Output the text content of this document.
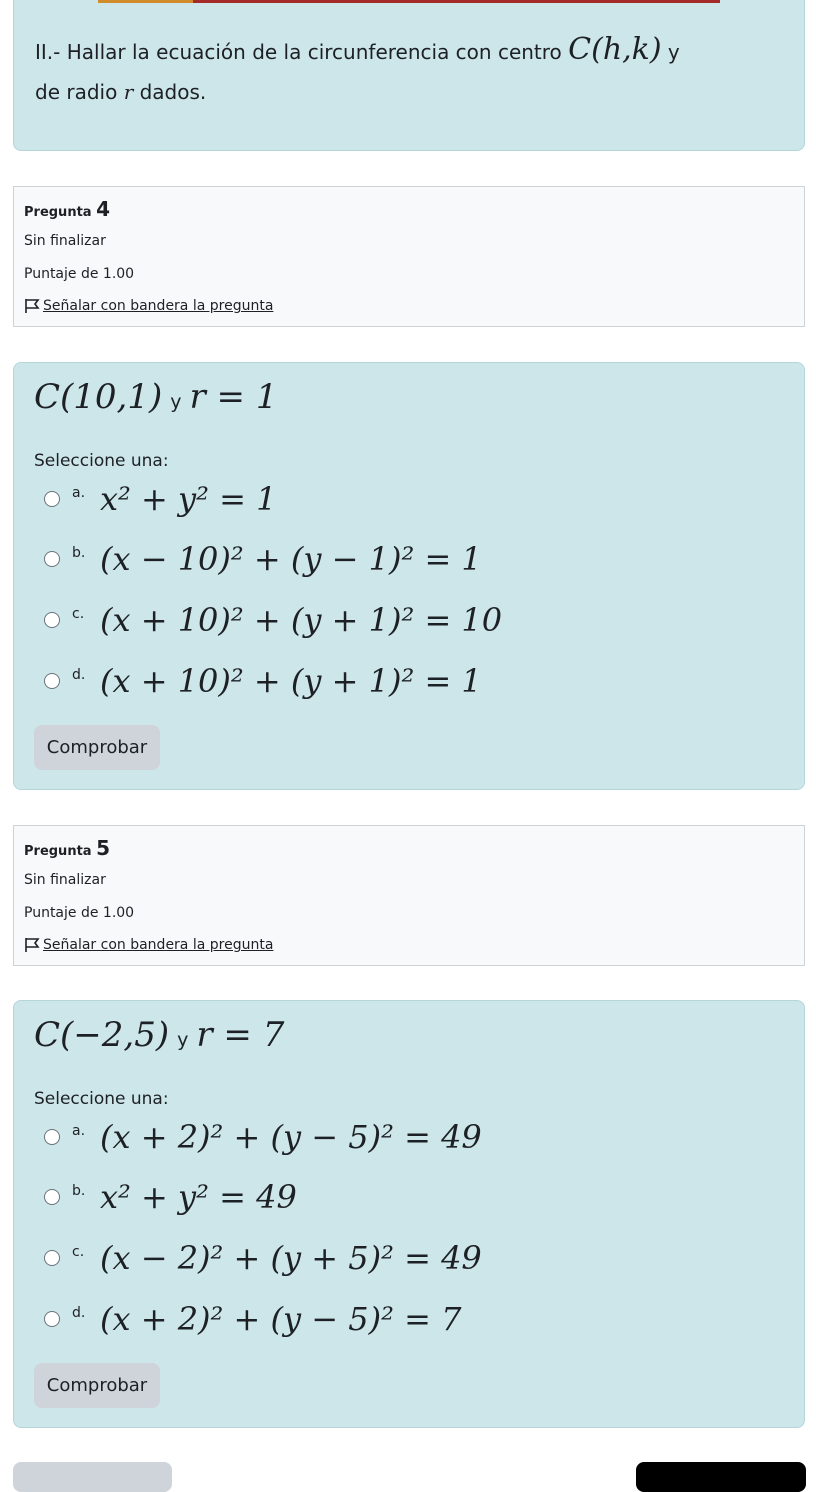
II.- Hallar la ecuación de la circunferencia con centro C(h,k) y
de radio r dados.
Pregunta 4
Sin finalizar
Puntaje de 1.00
Señalar con bandera la pregunta
C(10,1) y r = 1
Seleccione una:
a. x² + y² = 1
b. (x − 10)² + (y − 1)² = 1
c. (x + 10)² + (y + 1)² = 10
d. (x + 10)² + (y + 1)² = 1
Comprobar
Pregunta 5
Sin finalizar
Puntaje de 1.00
Señalar con bandera la pregunta
C(−2,5) y r = 7
Seleccione una:
a. (x + 2)² + (y − 5)² = 49
b. x² + y² = 49
c. (x − 2)² + (y + 5)² = 49
d. (x + 2)² + (y − 5)² = 7
Comprobar
